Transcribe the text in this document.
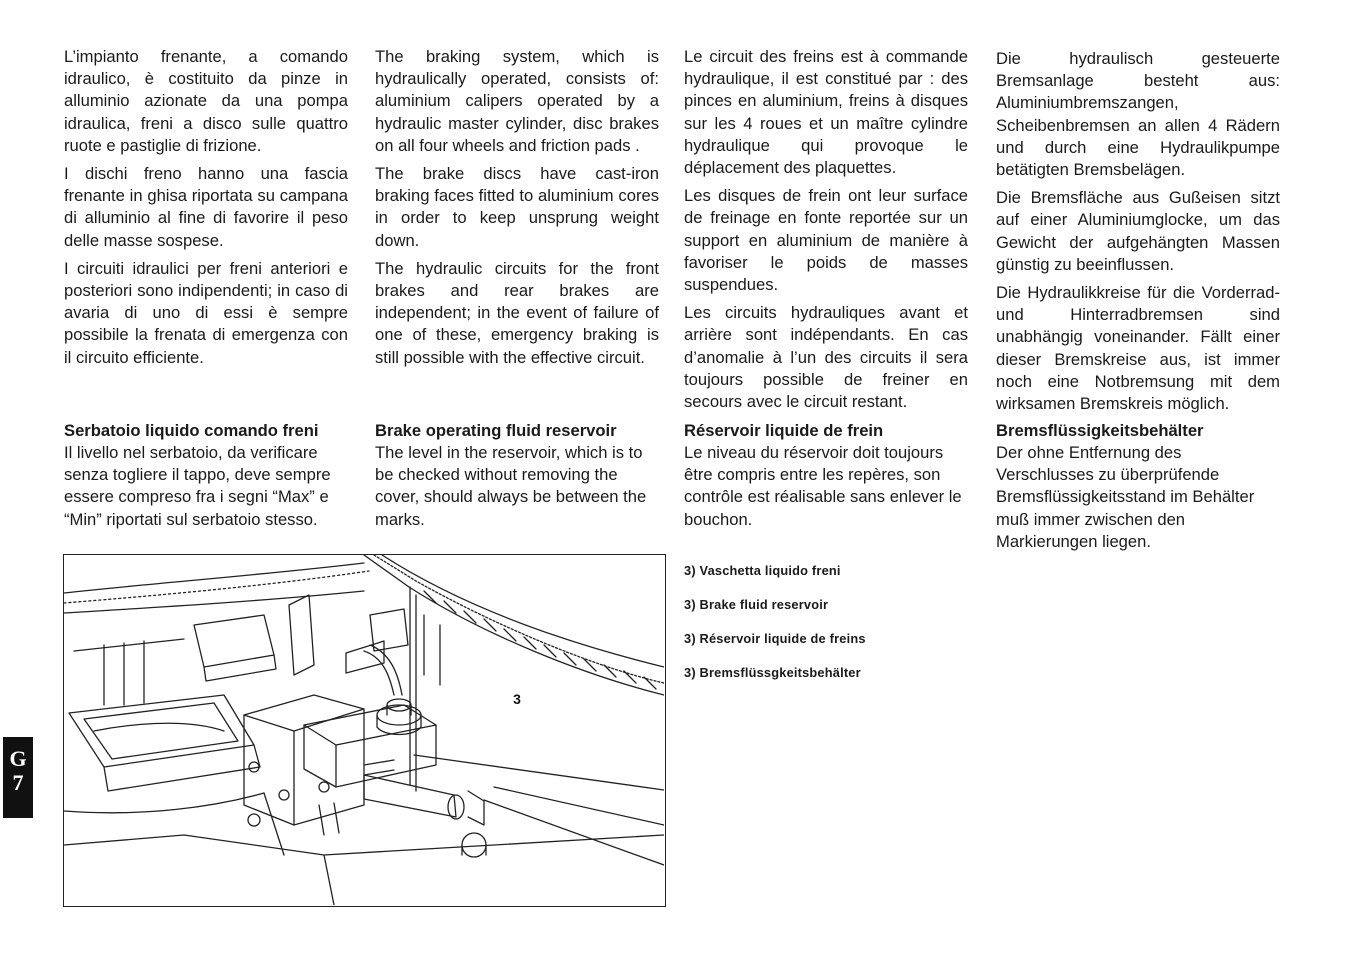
L’impianto frenante, a comando idraulico, è costituito da pinze in alluminio azionate da una pompa idraulica, freni a disco sulle quattro ruote e pastiglie di frizione.

I dischi freno hanno una fascia frenante in ghisa riportata su campana di alluminio al fine di favorire il peso delle masse sospese.

I circuiti idraulici per freni anteriori e posteriori sono indipendenti; in caso di avaria di uno di essi è sempre possibile la frenata di emergenza con il circuito efficiente.

The braking system, which is hydraulically operated, consists of: aluminium calipers operated by a hydraulic master cylinder, disc brakes on all four wheels and friction pads .

The brake discs have cast-iron braking faces fitted to aluminium cores in order to keep unsprung weight down.

The hydraulic circuits for the front brakes and rear brakes are independent; in the event of failure of one of these, emergency braking is still possible with the effective circuit.

Le circuit des freins est à commande hydraulique, il est constitué par : des pinces en aluminium, freins à disques sur les 4 roues et un maître cylindre hydraulique qui provoque le déplacement des plaquettes.

Les disques de frein ont leur surface de freinage en fonte reportée sur un support en aluminium de manière à favoriser le poids de masses suspendues.

Les circuits hydrauliques avant et arrière sont indépendants. En cas d’anomalie à l’un des circuits il sera toujours possible de freiner en secours avec le circuit restant.

Die hydraulisch gesteuerte Bremsanlage besteht aus: Aluminiumbremszangen, Scheibenbremsen an allen 4 Rädern und durch eine Hydraulikpumpe betätigten Bremsbelägen.

Die Bremsfläche aus Gußeisen sitzt auf einer Aluminiumglocke, um das Gewicht der aufgehängten Massen günstig zu beeinflussen.

Die Hydraulikkreise für die Vorderrad- und Hinterradbremsen sind unabhängig voneinander. Fällt einer dieser Bremskreise aus, ist immer noch eine Notbremsung mit dem wirksamen Bremskreis möglich.

Serbatoio liquido comando freni

Il livello nel serbatoio, da verificare senza togliere il tappo, deve sempre essere compreso fra i segni “Max” e “Min” riportati sul serbatoio stesso.

Brake operating fluid reservoir

The level in the reservoir, which is to be checked without removing the cover, should always be between the marks.

Réservoir liquide de frein

Le niveau du réservoir doit toujours être compris entre les repères, son contrôle est réalisable sans enlever le bouchon.

Bremsflüssigkeitsbehälter

Der ohne Entfernung des Verschlusses zu überprüfende Bremsflüssigkeitsstand im Behälter muß immer zwischen den Markierungen liegen.

3
3) Vaschetta liquido freni
3) Brake fluid reservoir
3) Réservoir liquide de freins
3) Bremsflüssgkeitsbehälter
G
7
